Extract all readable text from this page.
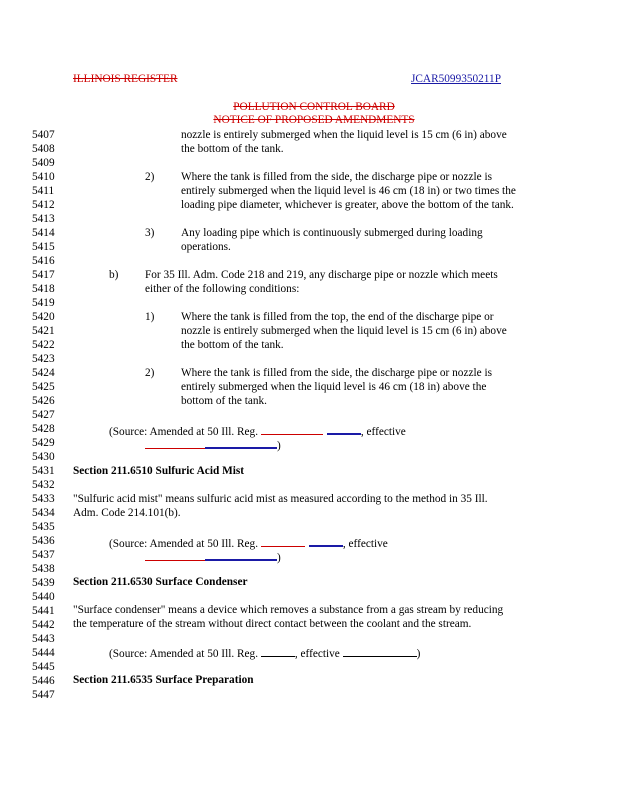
ILLINOIS REGISTER	JCAR5099350211P
POLLUTION CONTROL BOARD
NOTICE OF PROPOSED AMENDMENTS
5407
5408
5409
5410
5411
5412
5413
5414
5415
5416
5417
5418
5419
5420
5421
5422
5423
5424
5425
5426
5427
5428
5429
5430
5431
5432
5433
5434
5435
5436
5437
5438
5439
5440
5441
5442
5443
5444
5445
5446
5447
nozzle is entirely submerged when the liquid level is 15 cm (6 in) above
the bottom of the tank.
2) Where the tank is filled from the side, the discharge pipe or nozzle is
entirely submerged when the liquid level is 46 cm (18 in) or two times the
loading pipe diameter, whichever is greater, above the bottom of the tank.
3) Any loading pipe which is continuously submerged during loading
operations.
b) For 35 Ill. Adm. Code 218 and 219, any discharge pipe or nozzle which meets
either of the following conditions:
1) Where the tank is filled from the top, the end of the discharge pipe or
nozzle is entirely submerged when the liquid level is 15 cm (6 in) above
the bottom of the tank.
2) Where the tank is filled from the side, the discharge pipe or nozzle is
entirely submerged when the liquid level is 46 cm (18 in) above the
bottom of the tank.
(Source: Amended at 50 Ill. Reg.	, effective
)
Section 211.6510 Sulfuric Acid Mist
"Sulfuric acid mist" means sulfuric acid mist as measured according to the method in 35 Ill.
Adm. Code 214.101(b).
(Source: Amended at 50 Ill. Reg.	, effective
)
Section 211.6530 Surface Condenser
"Surface condenser" means a device which removes a substance from a gas stream by reducing
the temperature of the stream without direct contact between the coolant and the stream.
(Source: Amended at 50 Ill. Reg.	, effective	)
Section 211.6535 Surface Preparation
